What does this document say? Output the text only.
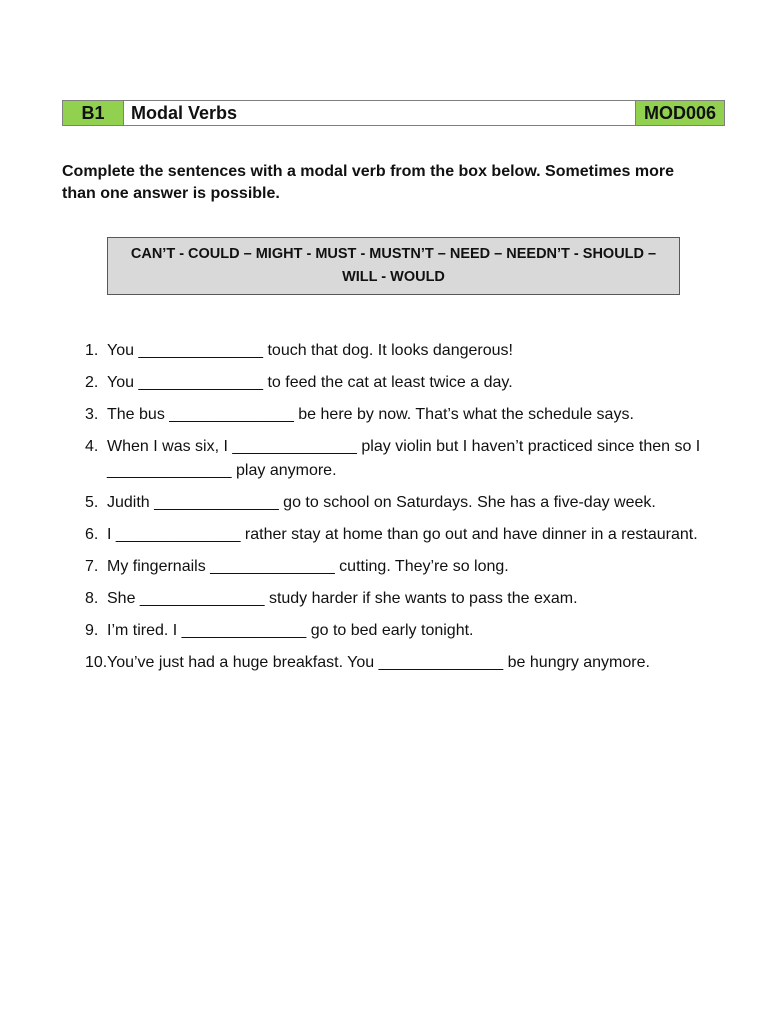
B1	Modal Verbs	MOD006

Complete the sentences with a modal verb from the box below. Sometimes more than one answer is possible.

CAN’T - COULD – MIGHT - MUST - MUSTN’T – NEED – NEEDN’T - SHOULD – WILL - WOULD
1. You ______________ touch that dog. It looks dangerous!
2. You ______________ to feed the cat at least twice a day.
3. The bus ______________ be here by now. That’s what the schedule says.
4. When I was six, I ______________ play violin but I haven’t practiced since then so I ______________ play anymore.
5. Judith ______________ go to school on Saturdays. She has a five-day week.
6. I ______________ rather stay at home than go out and have dinner in a restaurant.
7. My fingernails ______________ cutting. They’re so long.
8. She ______________ study harder if she wants to pass the exam.
9. I’m tired. I ______________ go to bed early tonight.
10. You’ve just had a huge breakfast. You ______________ be hungry anymore.
